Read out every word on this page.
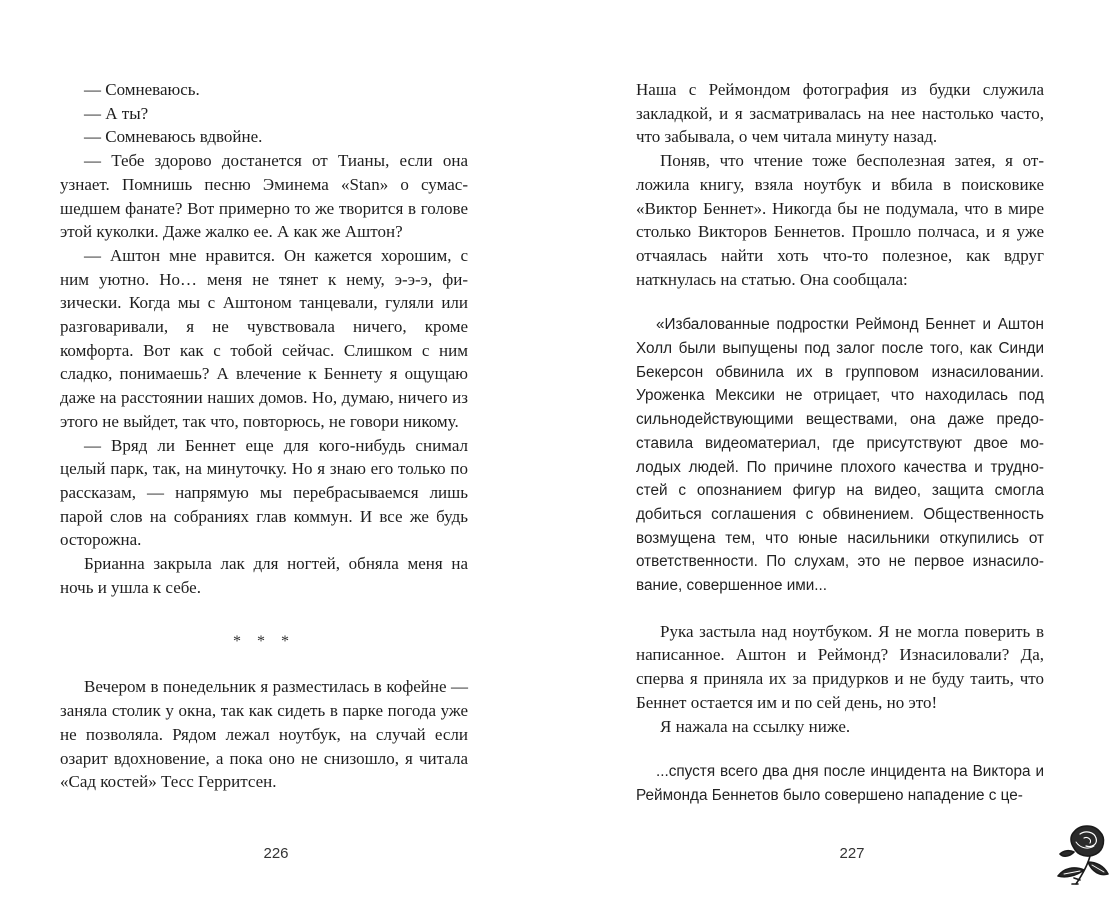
— Сомневаюсь.

— А ты?

— Сомневаюсь вдвойне.

— Тебе здорово достанется от Тианы, если она узнает. Помнишь песню Эминема «Stan» о сумасшедшем фанате? Вот примерно то же творится в голове этой куколки. Даже жалко ее. А как же Аштон?

— Аштон мне нравится. Он кажется хорошим, с ним уютно. Но… меня не тянет к нему, э-э-э, физически. Когда мы с Аштоном танцевали, гуляли или разговаривали, я не чувствовала ничего, кроме комфорта. Вот как с тобой сейчас. Слишком с ним сладко, понимаешь? А влечение к Беннету я ощущаю даже на расстоянии наших домов. Но, думаю, ничего из этого не выйдет, так что, повторюсь, не говори никому.

— Вряд ли Беннет еще для кого-нибудь снимал целый парк, так, на минуточку. Но я знаю его только по рассказам, — напрямую мы перебрасываемся лишь парой слов на собраниях глав коммун. И все же будь осторожна.

Брианна закрыла лак для ногтей, обняла меня на ночь и ушла к себе.

* * *

Вечером в понедельник я разместилась в кофейне — заняла столик у окна, так как сидеть в парке погода уже не позволяла. Рядом лежал ноутбук, на случай если озарит вдохновение, а пока оно не снизошло, я читала «Сад костей» Тесс Герритсен.

226

Наша с Реймондом фотография из будки служила закладкой, и я засматривалась на нее настолько часто, что забывала, о чем читала минуту назад.

Поняв, что чтение тоже бесполезная затея, я отложила книгу, взяла ноутбук и вбила в поисковике «Виктор Беннет». Никогда бы не подумала, что в мире столько Викторов Беннетов. Прошло полчаса, и я уже отчаялась найти хоть что-то полезное, как вдруг наткнулась на статью. Она сообщала:

«Избалованные подростки Реймонд Беннет и Аштон Холл были выпущены под залог после того, как Синди Бекерсон обвинила их в групповом изнасиловании. Уроженка Мексики не отрицает, что находилась под сильнодействующими веществами, она даже предоставила видеоматериал, где присутствуют двое молодых людей. По причине плохого качества и трудностей с опознанием фигур на видео, защита смогла добиться соглашения с обвинением. Общественность возмущена тем, что юные насильники откупились от ответственности. По слухам, это не первое изнасилование, совершенное ими...

Рука застыла над ноутбуком. Я не могла поверить в написанное. Аштон и Реймонд? Изнасиловали? Да, сперва я приняла их за придурков и не буду таить, что Беннет остается им и по сей день, но это!

Я нажала на ссылку ниже.

...спустя всего два дня после инцидента на Виктора и Реймонда Беннетов было совершено нападение с це-
227
